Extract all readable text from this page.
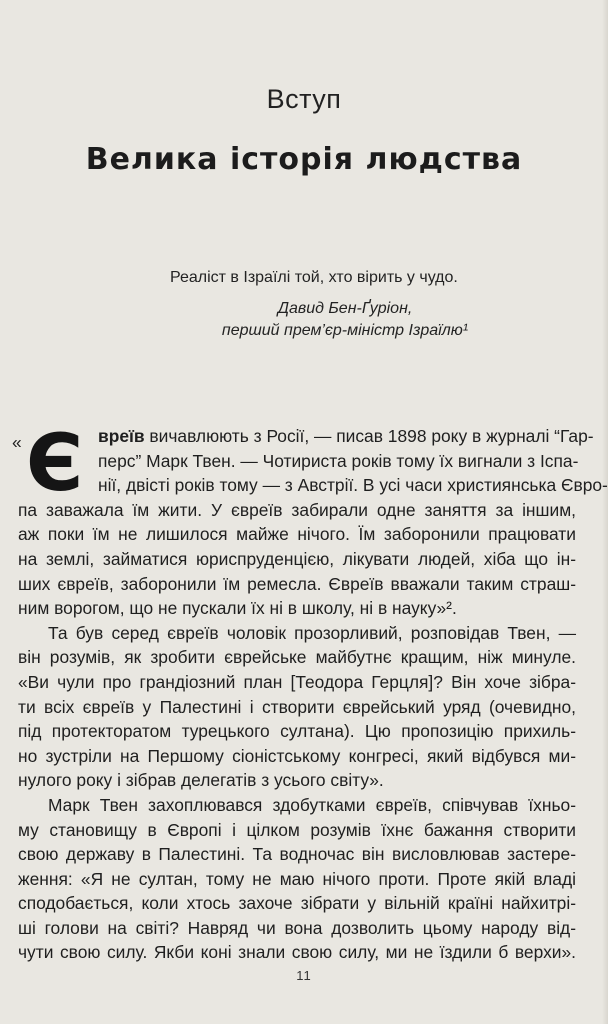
Вступ
Велика історія людства

Реаліст в Ізраїлі той, хто вірить у чудо.

Давид Бен-Ґуріон,

перший прем’єр-міністр Ізраїлю¹

« Є вреїв вичавлюють з Росії, — писав 1898 року в журналі “Гар-
перс” Марк Твен. — Чотириста років тому їх вигнали з Іспа-
нії, двісті років тому — з Австрії. В усі часи християнська Євро-
па заважала їм жити. У євреїв забирали одне заняття за іншим,
аж поки їм не лишилося майже нічого. Їм заборонили працювати
на землі, займатися юриспруденцією, лікувати людей, хіба що ін-
ших євреїв, заборонили їм ремесла. Євреїв вважали таким страш-
ним ворогом, що не пускали їх ні в школу, ні в науку»².
Та був серед євреїв чоловік прозорливий, розповідав Твен, —
він розумів, як зробити єврейське майбутнє кращим, ніж минуле.
«Ви чули про грандіозний план [Теодора Герцля]? Він хоче зібра-
ти всіх євреїв у Палестині і створити єврейський уряд (очевидно,
під протекторатом турецького султана). Цю пропозицію прихиль-
но зустріли на Першому сіоністському конгресі, який відбувся ми-
нулого року і зібрав делегатів з усього світу».
Марк Твен захоплювався здобутками євреїв, співчував їхньо-
му становищу в Європі і цілком розумів їхнє бажання створити
свою державу в Палестині. Та водночас він висловлював застере-
ження: «Я не султан, тому не маю нічого проти. Проте якій владі
сподобається, коли хтось захоче зібрати у вільній країні найхитрі-
ші голови на світі? Навряд чи вона дозволить цьому народу від-
чути свою силу. Якби коні знали свою силу, ми не їздили б верхи».
11
